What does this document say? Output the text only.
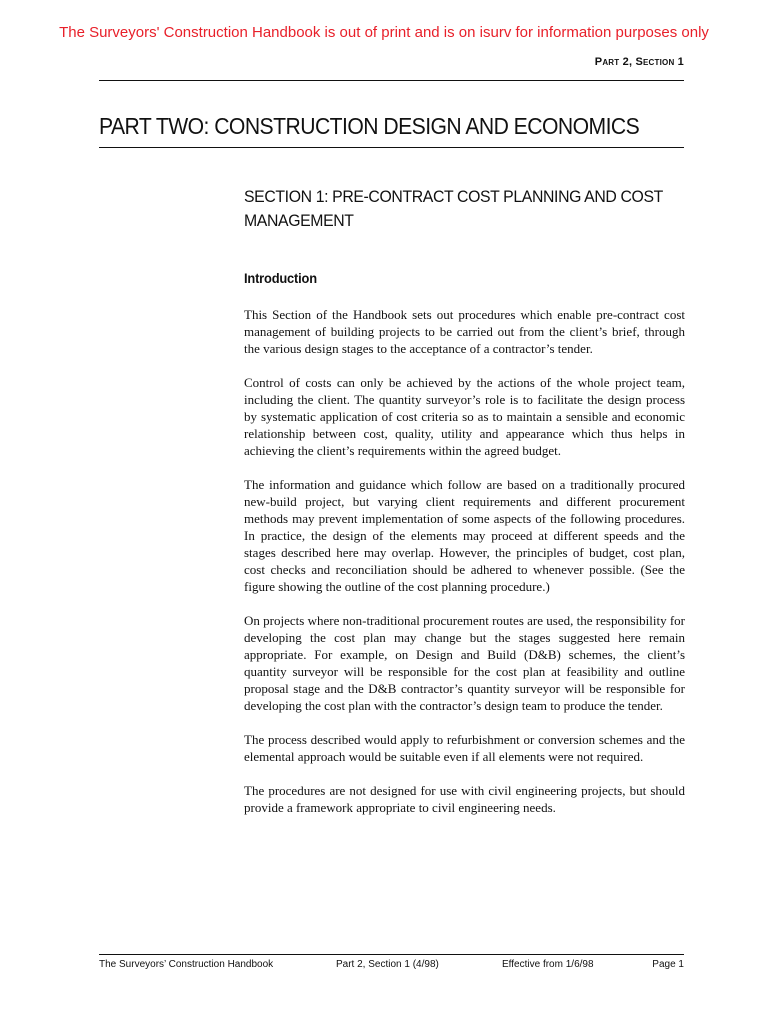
The Surveyors' Construction Handbook is out of print and is on isurv for information purposes only
Part 2, Section 1
PART TWO: CONSTRUCTION DESIGN AND ECONOMICS
SECTION 1: PRE-CONTRACT COST PLANNING AND COST MANAGEMENT
Introduction

This Section of the Handbook sets out procedures which enable pre-contract cost management of building projects to be carried out from the client’s brief, through the various design stages to the acceptance of a contractor’s tender.

Control of costs can only be achieved by the actions of the whole project team, including the client. The quantity surveyor’s role is to facilitate the design process by systematic application of cost criteria so as to maintain a sensible and economic relationship between cost, quality, utility and appearance which thus helps in achieving the client’s requirements within the agreed budget.

The information and guidance which follow are based on a traditionally procured new-build project, but varying client requirements and different procurement methods may prevent implementation of some aspects of the following procedures. In practice, the design of the elements may proceed at different speeds and the stages described here may overlap. However, the principles of budget, cost plan, cost checks and reconciliation should be adhered to whenever possible. (See the figure showing the outline of the cost planning procedure.)

On projects where non-traditional procurement routes are used, the responsibility for developing the cost plan may change but the stages suggested here remain appropriate. For example, on Design and Build (D&B) schemes, the client’s quantity surveyor will be responsible for the cost plan at feasibility and outline proposal stage and the D&B contractor’s quantity surveyor will be responsible for developing the cost plan with the contractor’s design team to produce the tender.

The process described would apply to refurbishment or conversion schemes and the elemental approach would be suitable even if all elements were not required.

The procedures are not designed for use with civil engineering projects, but should provide a framework appropriate to civil engineering needs.

The Surveyors’ Construction Handbook	Part 2, Section 1 (4/98)	Effective from 1/6/98	Page 1
